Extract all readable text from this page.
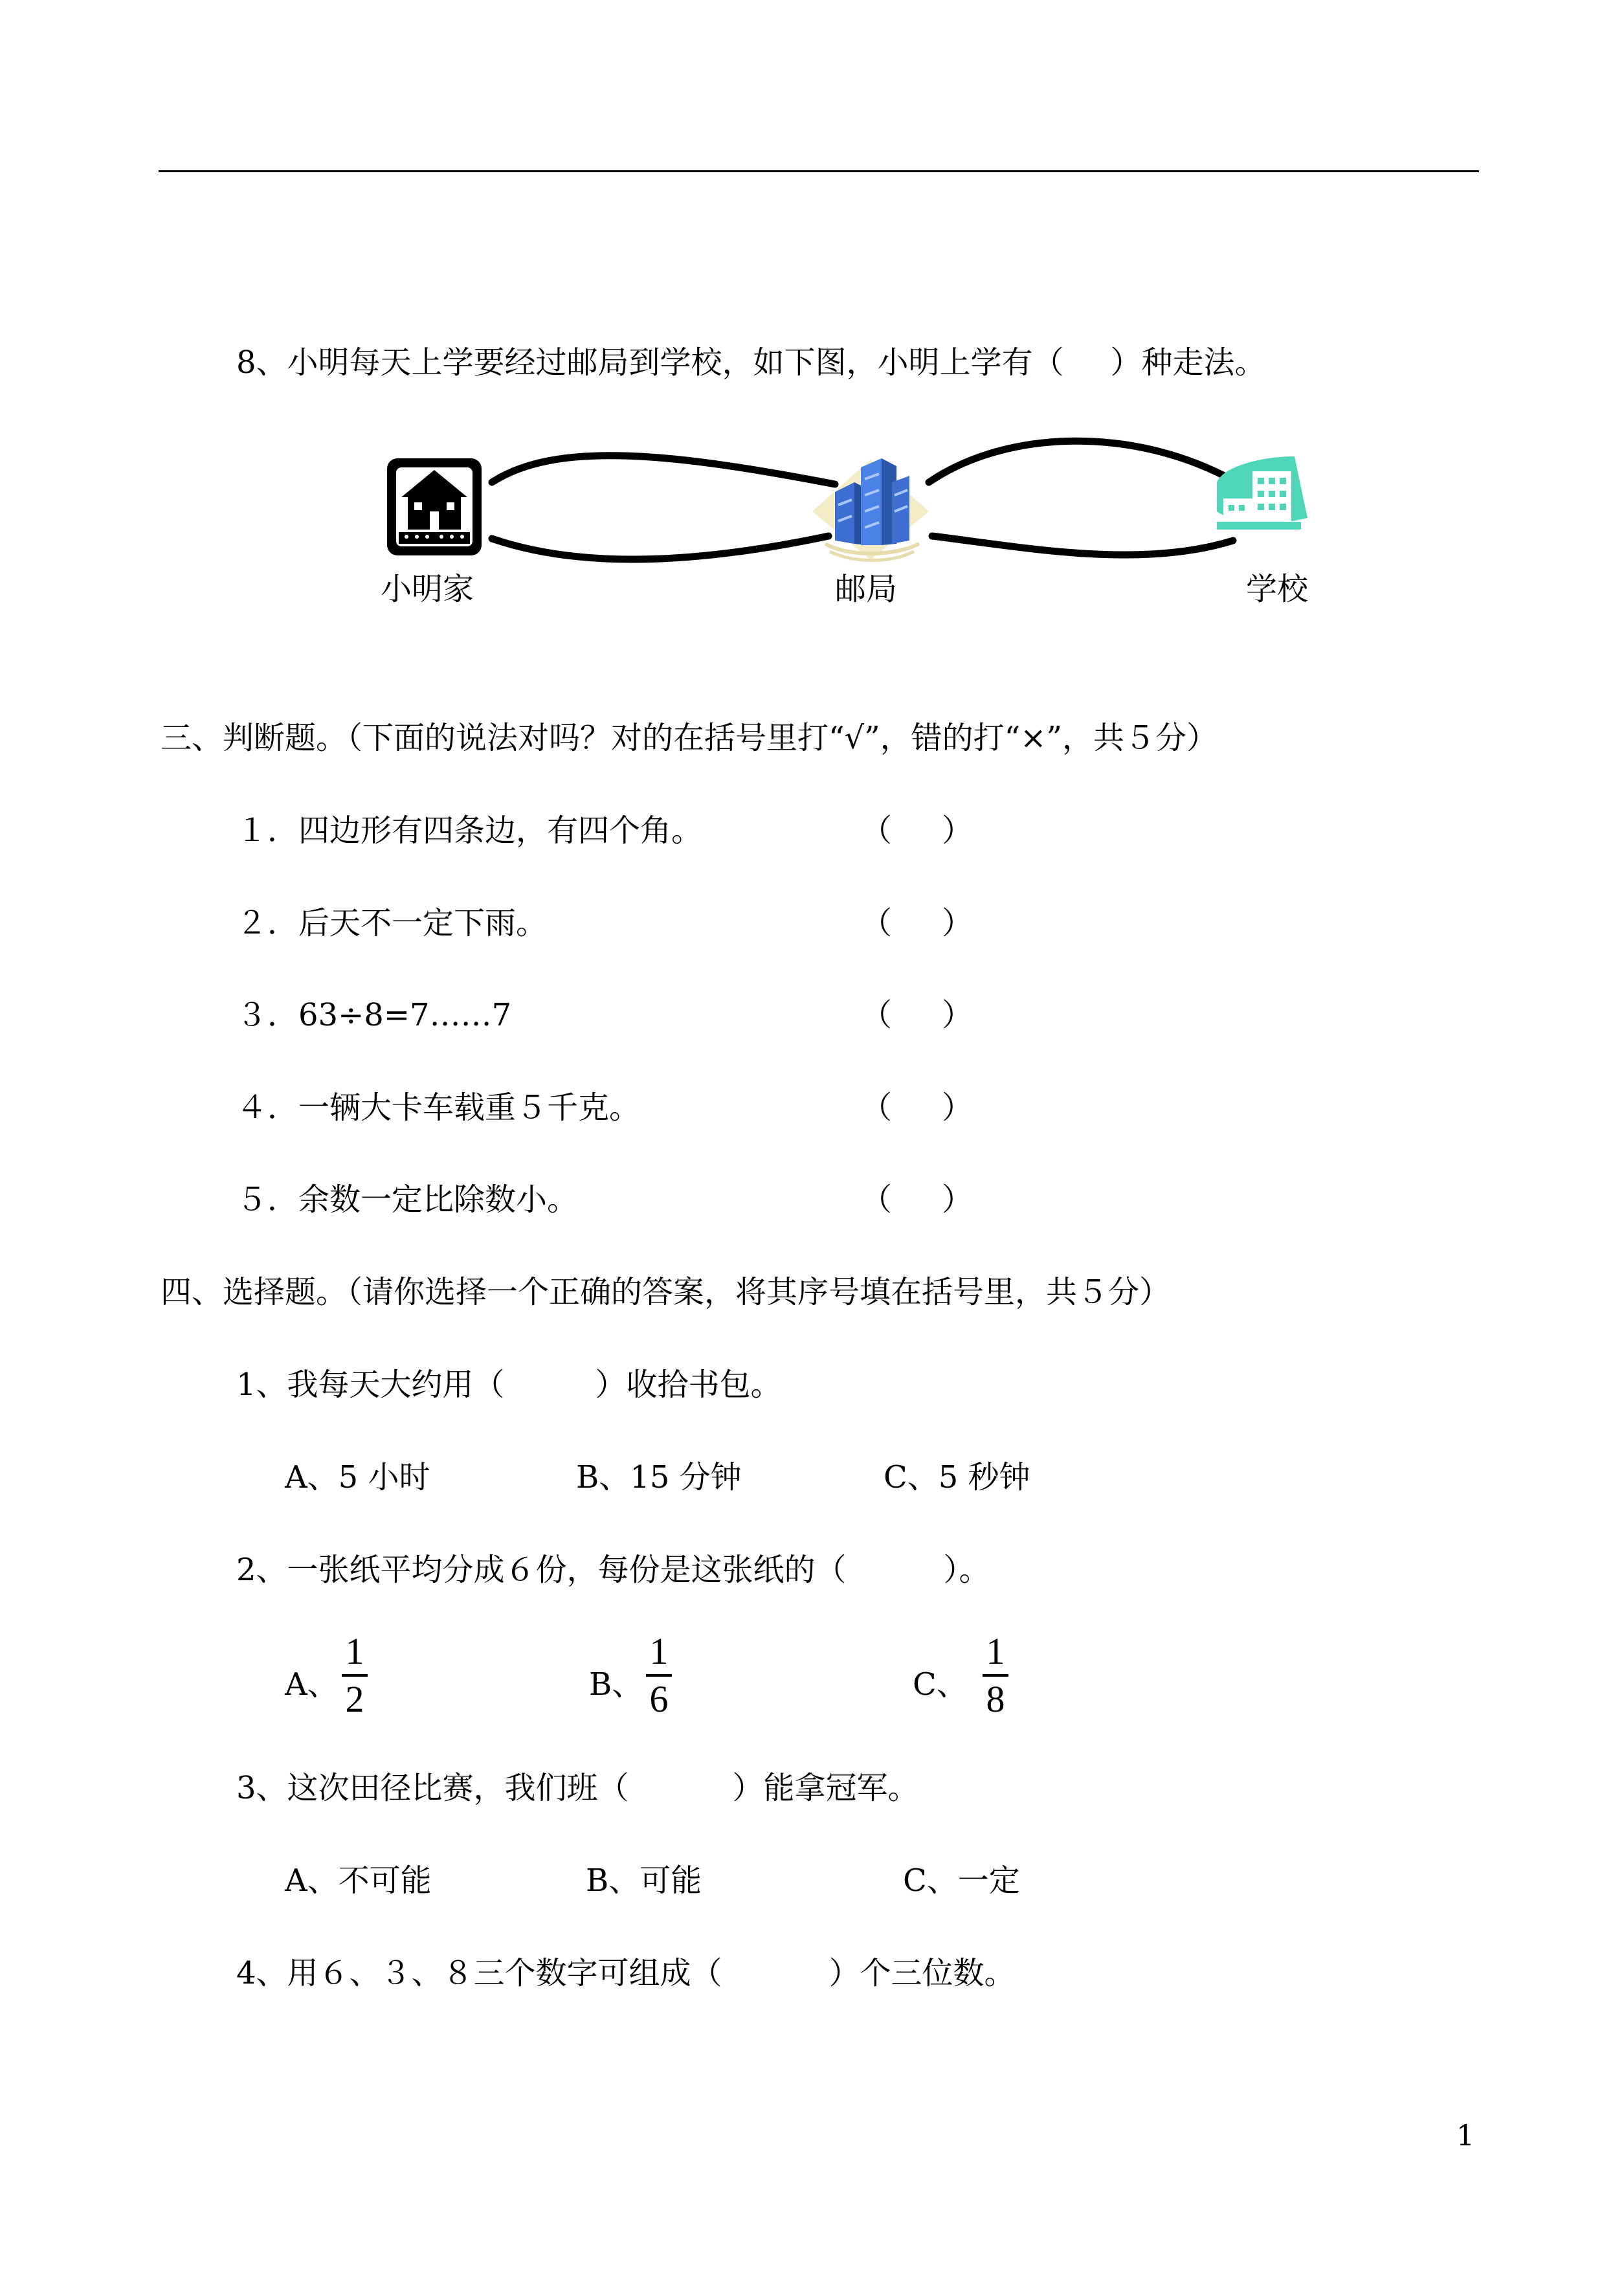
8、小明每天上学要经过邮局到学校，如下图，小明上学有（ ）种走法。
小明家	邮局	学校
三、判断题。（下面的说法对吗？对的在括号里打“√”，错的打“×”，共５分）
１．四边形有四条边，有四个角。	（ ）
２．后天不一定下雨。	（ ）
３．63÷8=7……7	（ ）
４．一辆大卡车载重５千克。	（ ）
５．余数一定比除数小。	（ ）
四、选择题。（请你选择一个正确的答案，将其序号填在括号里，共５分）
1、我每天大约用（	）收拾书包。
A、5 小时	B、15 分钟	C、5 秒钟
2、一张纸平均分成６份，每份是这张纸的（	）。
A、
1
2	B、
1
6	C、
1
8
3、这次田径比赛，我们班（	）能拿冠军。
A、不可能	B、可能	C、一定
4、用６、３、８三个数字可组成（	）个三位数。
1
